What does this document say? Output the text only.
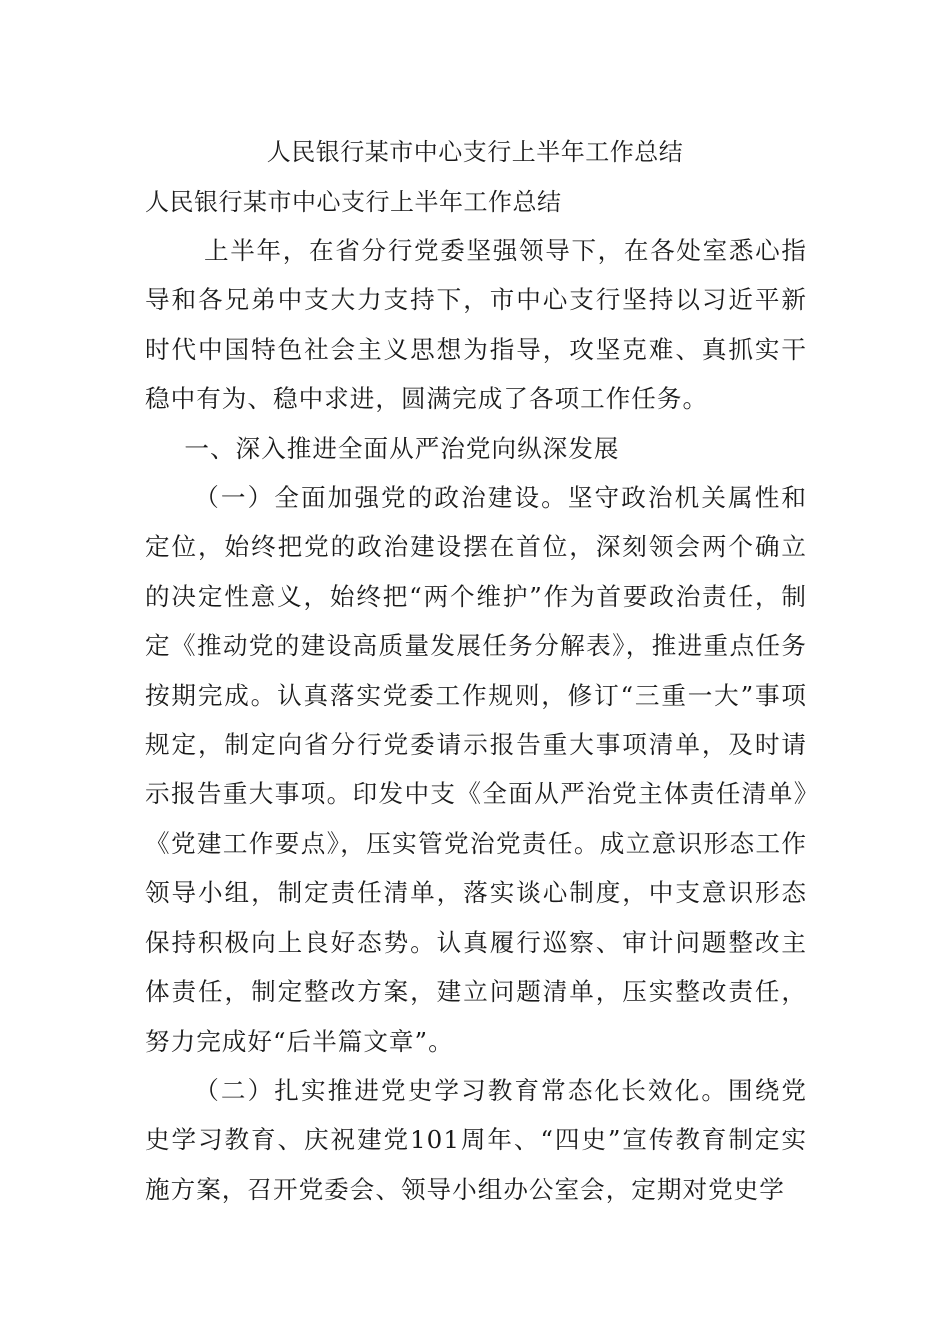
人民银行某市中心支行上半年工作总结
人民银行某市中心支行上半年工作总结

上半年，在省分行党委坚强领导下，在各处室悉心指导和各兄弟中支大力支持下，市中心支行坚持以习近平新时代中国特色社会主义思想为指导，攻坚克难、真抓实干稳中有为、稳中求进，圆满完成了各项工作任务。

一、深入推进全面从严治党向纵深发展

（一）全面加强党的政治建设。坚守政治机关属性和定位，始终把党的政治建设摆在首位，深刻领会两个确立的决定性意义，始终把“两个维护”作为首要政治责任，制定《推动党的建设高质量发展任务分解表》，推进重点任务按期完成。认真落实党委工作规则，修订“三重一大”事项规定，制定向省分行党委请示报告重大事项清单，及时请示报告重大事项。印发中支《全面从严治党主体责任清单》《党建工作要点》，压实管党治党责任。成立意识形态工作领导小组，制定责任清单，落实谈心制度，中支意识形态保持积极向上良好态势。认真履行巡察、审计问题整改主体责任，制定整改方案，建立问题清单，压实整改责任，努力完成好“后半篇文章”。

（二）扎实推进党史学习教育常态化长效化。围绕党史学习教育、庆祝建党101周年、“四史”宣传教育制定实施方案，召开党委会、领导小组办公室会，定期对党史学
